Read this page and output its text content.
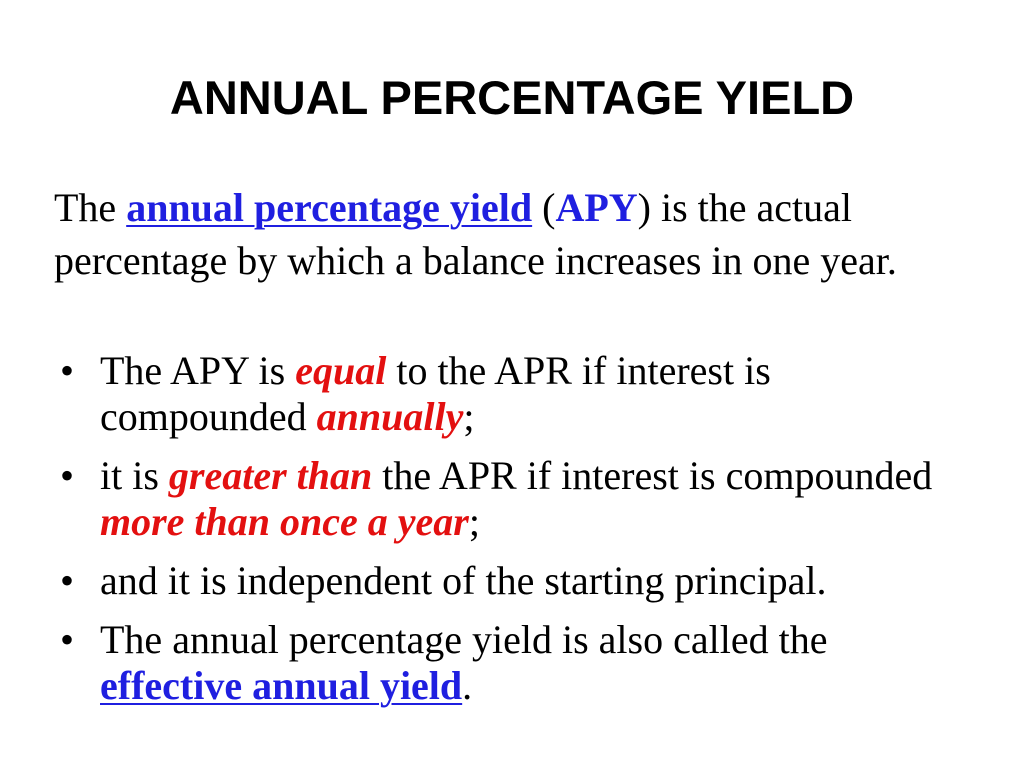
ANNUAL PERCENTAGE YIELD

The annual percentage yield (APY) is the actual percentage by which a balance increases in one year.

• The APY is equal to the APR if interest is compounded annually;
• it is greater than the APR if interest is compounded more than once a year;
• and it is independent of the starting principal.
• The annual percentage yield is also called the effective annual yield.
